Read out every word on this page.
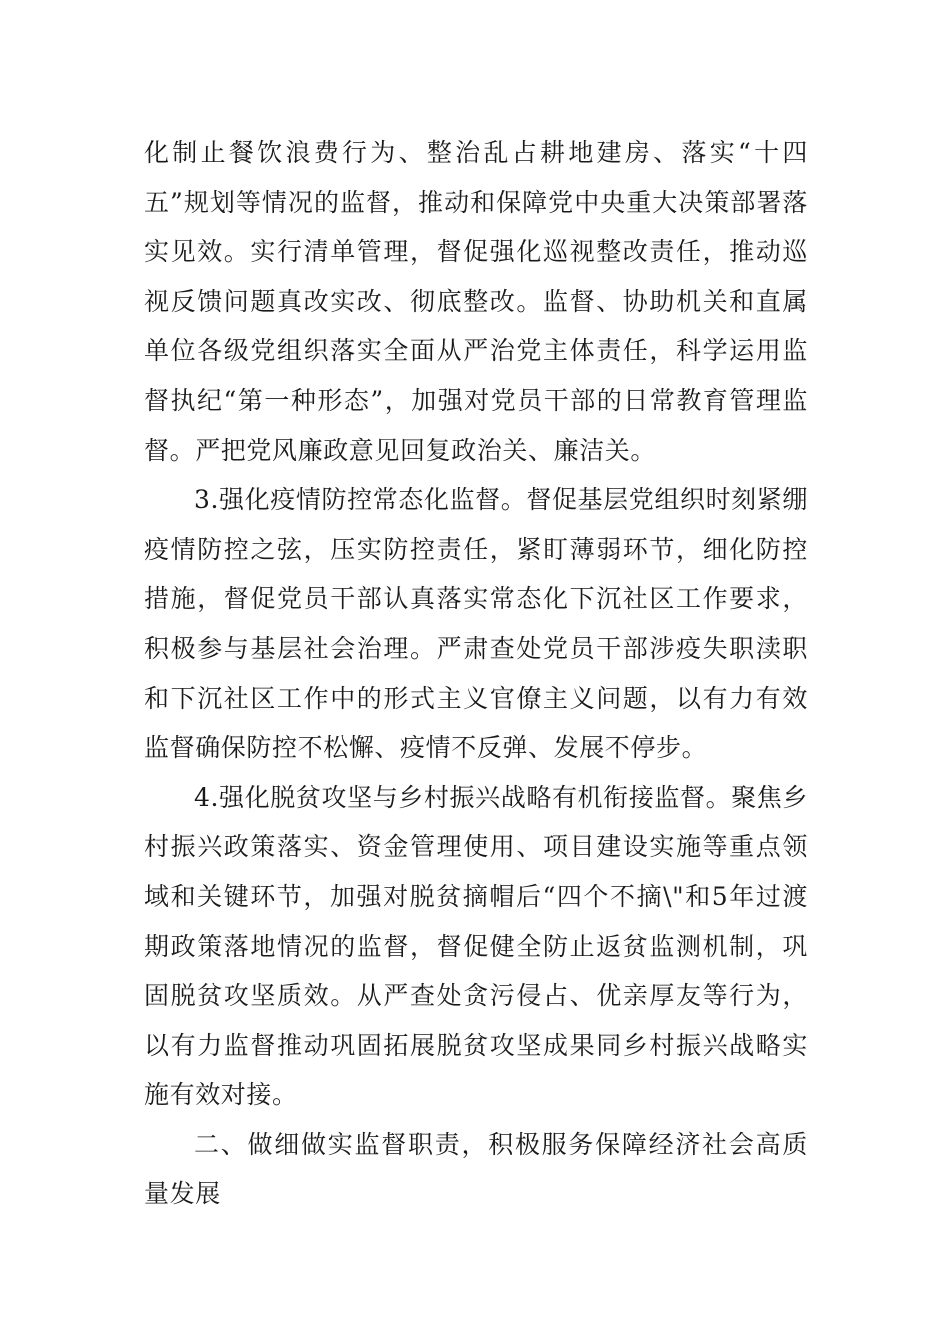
化制止餐饮浪费行为、整治乱占耕地建房、落实“十四五”规划等情况的监督，推动和保障党中央重大决策部署落实见效。实行清单管理，督促强化巡视整改责任，推动巡视反馈问题真改实改、彻底整改。监督、协助机关和直属单位各级党组织落实全面从严治党主体责任，科学运用监督执纪“第一种形态”，加强对党员干部的日常教育管理监督。严把党风廉政意见回复政治关、廉洁关。

3.强化疫情防控常态化监督。督促基层党组织时刻紧绷疫情防控之弦，压实防控责任，紧盯薄弱环节，细化防控措施，督促党员干部认真落实常态化下沉社区工作要求，积极参与基层社会治理。严肃查处党员干部涉疫失职渎职和下沉社区工作中的形式主义官僚主义问题，以有力有效监督确保防控不松懈、疫情不反弹、发展不停步。

4.强化脱贫攻坚与乡村振兴战略有机衔接监督。聚焦乡村振兴政策落实、资金管理使用、项目建设实施等重点领域和关键环节，加强对脱贫摘帽后“四个不摘\"和5年过渡期政策落地情况的监督，督促健全防止返贫监测机制，巩固脱贫攻坚质效。从严查处贪污侵占、优亲厚友等行为，以有力监督推动巩固拓展脱贫攻坚成果同乡村振兴战略实施有效对接。

二、做细做实监督职责，积极服务保障经济社会高质量发展
